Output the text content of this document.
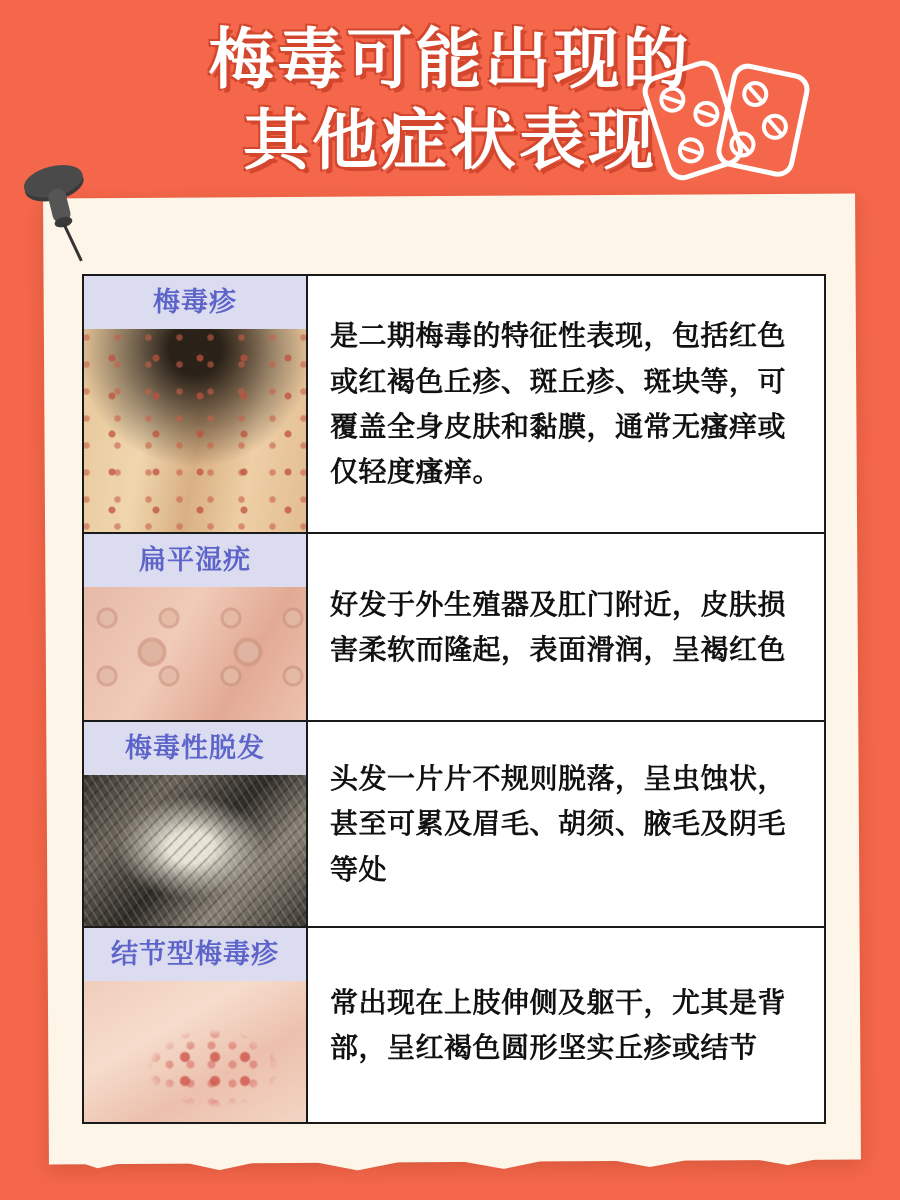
梅毒可能出现的
其他症状表现
梅毒疹
是二期梅毒的特征性表现，包括红色或红褐色丘疹、斑丘疹、斑块等，可覆盖全身皮肤和黏膜，通常无瘙痒或仅轻度瘙痒。
扁平湿疣
好发于外生殖器及肛门附近，皮肤损害柔软而隆起，表面滑润，呈褐红色
梅毒性脱发
头发一片片不规则脱落，呈虫蚀状，甚至可累及眉毛、胡须、腋毛及阴毛等处
结节型梅毒疹
常出现在上肢伸侧及躯干，尤其是背部，呈红褐色圆形坚实丘疹或结节
